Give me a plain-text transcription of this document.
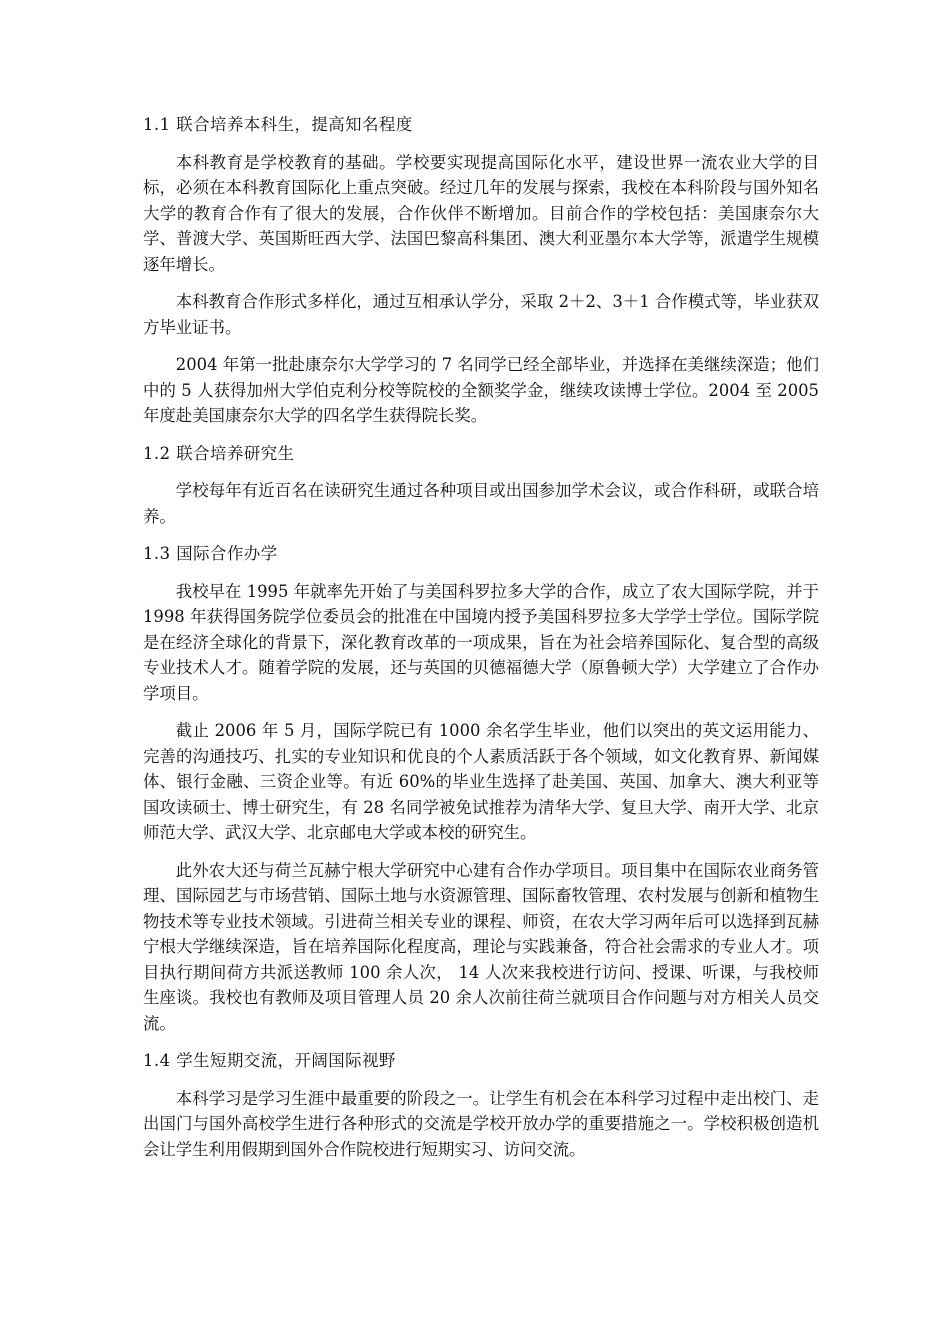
1.1 联合培养本科生，提高知名程度

本科教育是学校教育的基础。学校要实现提高国际化水平，建设世界一流农业大学的目标，必须在本科教育国际化上重点突破。经过几年的发展与探索，我校在本科阶段与国外知名大学的教育合作有了很大的发展，合作伙伴不断增加。目前合作的学校包括：美国康奈尔大学、普渡大学、英国斯旺西大学、法国巴黎高科集团、澳大利亚墨尔本大学等，派遣学生规模逐年增长。

本科教育合作形式多样化，通过互相承认学分，采取 2＋2、3＋1 合作模式等，毕业获双方毕业证书。

2004 年第一批赴康奈尔大学学习的 7 名同学已经全部毕业，并选择在美继续深造；他们中的 5 人获得加州大学伯克利分校等院校的全额奖学金，继续攻读博士学位。2004 至 2005 年度赴美国康奈尔大学的四名学生获得院长奖。

1.2 联合培养研究生

学校每年有近百名在读研究生通过各种项目或出国参加学术会议，或合作科研，或联合培养。

1.3 国际合作办学

我校早在 1995 年就率先开始了与美国科罗拉多大学的合作，成立了农大国际学院，并于 1998 年获得国务院学位委员会的批准在中国境内授予美国科罗拉多大学学士学位。国际学院是在经济全球化的背景下，深化教育改革的一项成果，旨在为社会培养国际化、复合型的高级专业技术人才。随着学院的发展，还与英国的贝德福德大学（原鲁顿大学）大学建立了合作办学项目。

截止 2006 年 5 月，国际学院已有 1000 余名学生毕业，他们以突出的英文运用能力、完善的沟通技巧、扎实的专业知识和优良的个人素质活跃于各个领域，如文化教育界、新闻媒体、银行金融、三资企业等。有近 60%的毕业生选择了赴美国、英国、加拿大、澳大利亚等国攻读硕士、博士研究生，有 28 名同学被免试推荐为清华大学、复旦大学、南开大学、北京师范大学、武汉大学、北京邮电大学或本校的研究生。

此外农大还与荷兰瓦赫宁根大学研究中心建有合作办学项目。项目集中在国际农业商务管理、国际园艺与市场营销、国际土地与水资源管理、国际畜牧管理、农村发展与创新和植物生物技术等专业技术领域。引进荷兰相关专业的课程、师资，在农大学习两年后可以选择到瓦赫宁根大学继续深造，旨在培养国际化程度高，理论与实践兼备，符合社会需求的专业人才。项目执行期间荷方共派送教师 100 余人次， 14 人次来我校进行访问、授课、听课，与我校师生座谈。我校也有教师及项目管理人员 20 余人次前往荷兰就项目合作问题与对方相关人员交流。

1.4 学生短期交流，开阔国际视野

本科学习是学习生涯中最重要的阶段之一。让学生有机会在本科学习过程中走出校门、走出国门与国外高校学生进行各种形式的交流是学校开放办学的重要措施之一。学校积极创造机会让学生利用假期到国外合作院校进行短期实习、访问交流。
